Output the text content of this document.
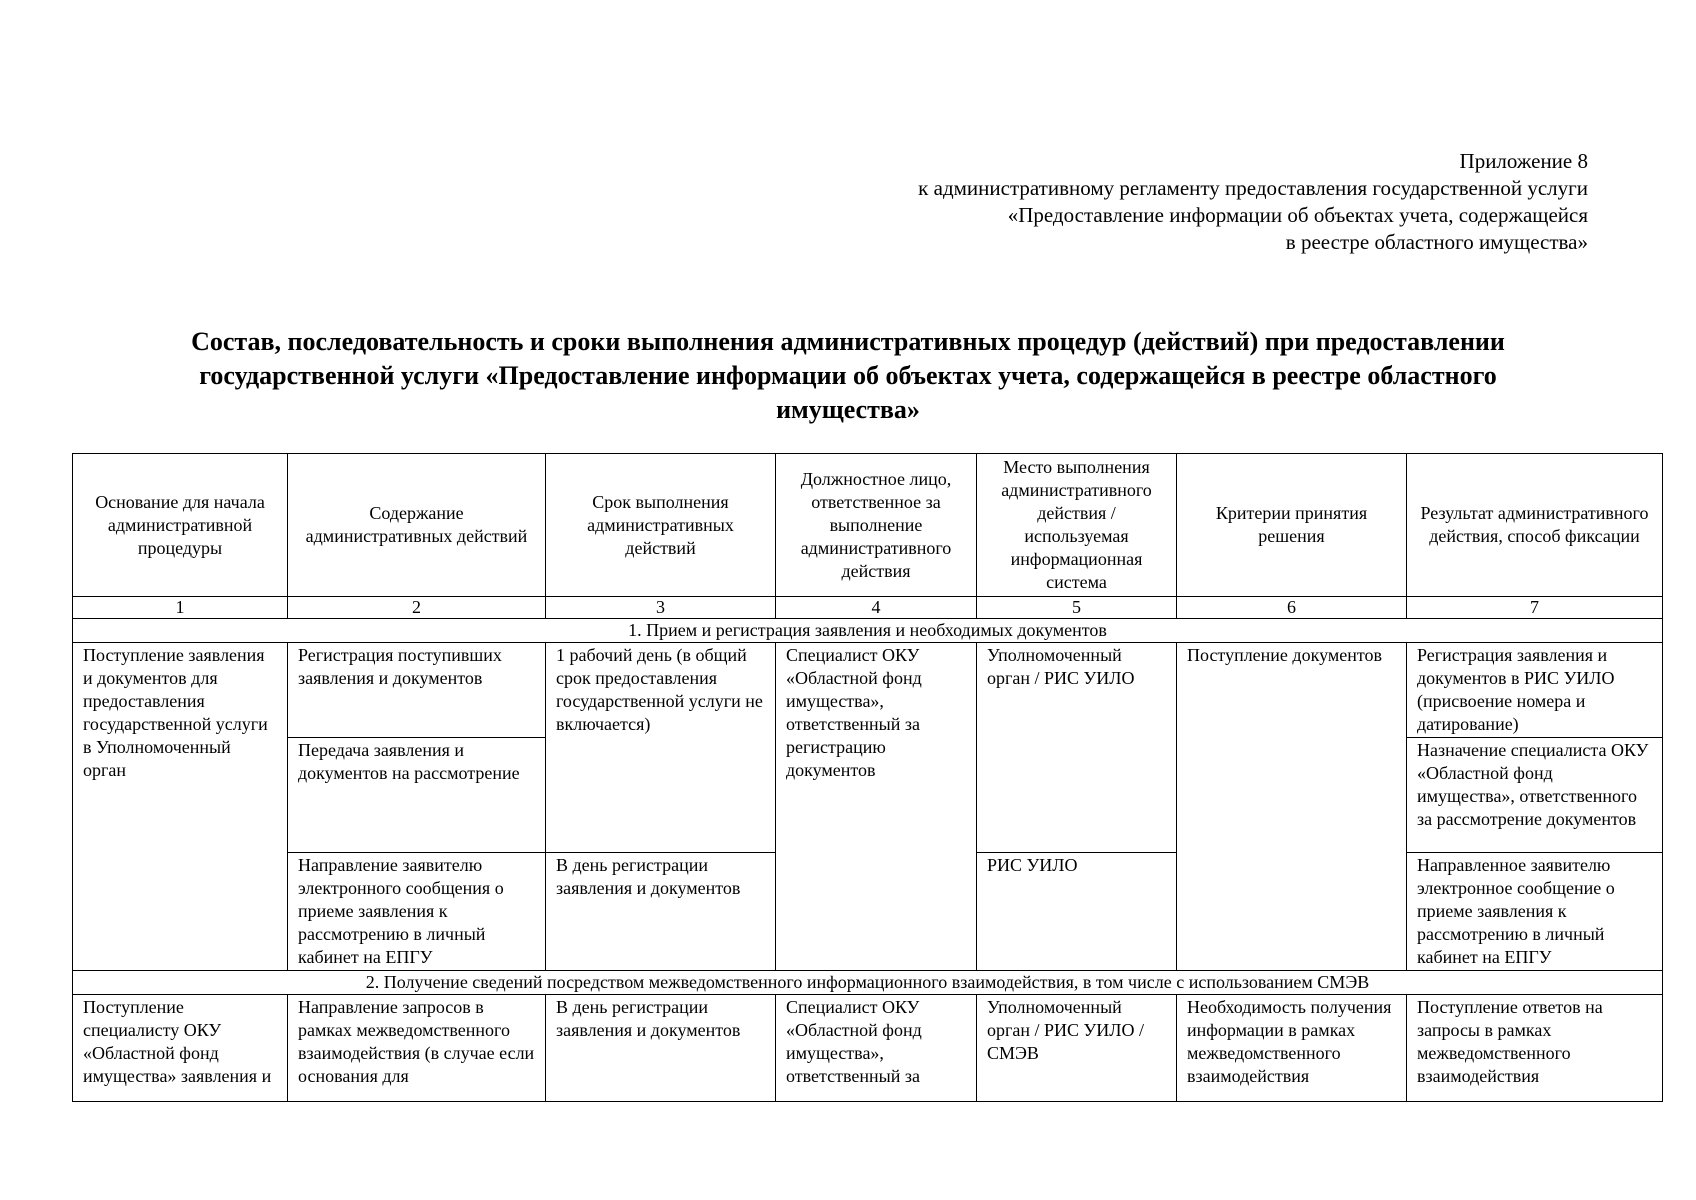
Приложение 8
к административному регламенту предоставления государственной услуги
«Предоставление информации об объектах учета, содержащейся
в реестре областного имущества»
Состав, последовательность и сроки выполнения административных процедур (действий) при предоставлении
государственной услуги «Предоставление информации об объектах учета, содержащейся в реестре областного
имущества»
Основание для начала административной процедуры	Содержание административных действий	Срок выполнения административных действий	Должностное лицо, ответственное за выполнение административного действия	Место выполнения административного действия / используемая информационная система	Критерии принятия решения	Результат административного действия, способ фиксации
1	2	3	4	5	6	7
1. Прием и регистрация заявления и необходимых документов						
Поступление заявления и документов для предоставления государственной услуги в Уполномоченный орган	Регистрация поступивших заявления и документов	1 рабочий день (в общий срок предоставления государственной услуги не включается)	Специалист ОКУ «Областной фонд имущества», ответственный за регистрацию документов	Уполномоченный орган / РИС УИЛО	Поступление документов	Регистрация заявления и документов в РИС УИЛО (присвоение номера и датирование)
	Передача заявления и документов на рассмотрение					Назначение специалиста ОКУ «Областной фонд имущества», ответственного за рассмотрение документов
	Направление заявителю электронного сообщения о приеме заявления к рассмотрению в личный кабинет на ЕПГУ	В день регистрации заявления и документов		РИС УИЛО		Направленное заявителю электронное сообщение о приеме заявления к рассмотрению в личный кабинет на ЕПГУ
2. Получение сведений посредством межведомственного информационного взаимодействия, в том числе с использованием СМЭВ						
Поступление специалисту ОКУ «Областной фонд имущества» заявления и	Направление запросов в рамках межведомственного взаимодействия (в случае если основания для	В день регистрации заявления и документов	Специалист ОКУ «Областной фонд имущества», ответственный за	Уполномоченный орган / РИС УИЛО / СМЭВ	Необходимость получения информации в рамках межведомственного взаимодействия	Поступление ответов на запросы в рамках межведомственного взаимодействия
